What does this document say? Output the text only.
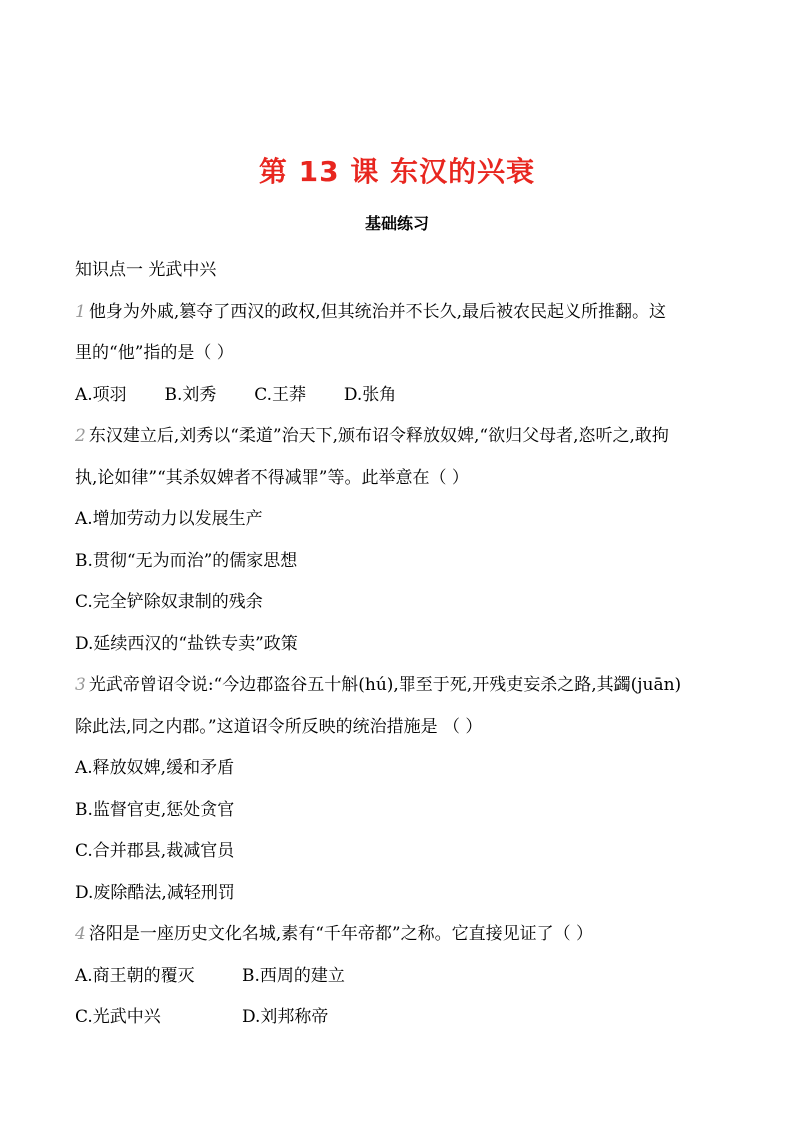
第 13 课 东汉的兴衰
基础练习
知识点一 光武中兴
1 他身为外戚,篡夺了西汉的政权,但其统治并不长久,最后被农民起义所推翻。这
里的“他”指的是（ ）
A.项羽       B.刘秀       C.王莽       D.张角
2 东汉建立后,刘秀以“柔道”治天下,颁布诏令释放奴婢,“欲归父母者,恣听之,敢拘
执,论如律”“其杀奴婢者不得减罪”等。此举意在（ ）
A.增加劳动力以发展生产
B.贯彻“无为而治”的儒家思想
C.完全铲除奴隶制的残余
D.延续西汉的“盐铁专卖”政策
3 光武帝曾诏令说:“今边郡盗谷五十斛(hú),罪至于死,开残吏妄杀之路,其蠲(juān)
除此法,同之内郡。”这道诏令所反映的统治措施是 （ ）
A.释放奴婢,缓和矛盾
B.监督官吏,惩处贪官
C.合并郡县,裁减官员
D.废除酷法,减轻刑罚
4 洛阳是一座历史文化名城,素有“千年帝都”之称。它直接见证了（ ）
A.商王朝的覆灭	B.西周的建立
C.光武中兴	D.刘邦称帝
